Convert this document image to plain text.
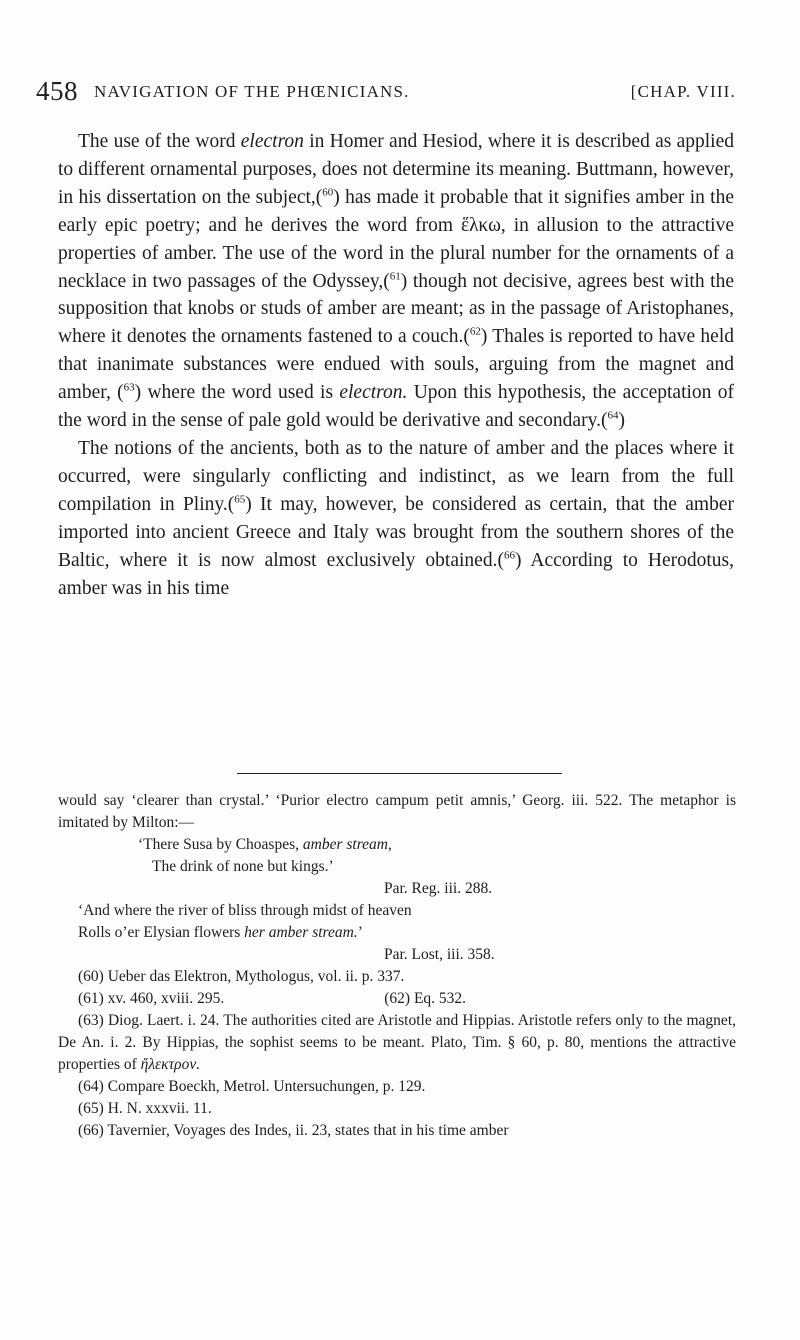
458 NAVIGATION OF THE PHŒNICIANS.	[CHAP. VIII.

The use of the word electron in Homer and Hesiod, where it is described as applied to different ornamental purposes, does not determine its meaning. Buttmann, however, in his dissertation on the subject,($^{60}$) has made it probable that it signifies amber in the early epic poetry; and he derives the word from ἕλκω, in allusion to the attractive properties of amber. The use of the word in the plural number for the ornaments of a necklace in two passages of the Odyssey,($^{61}$) though not decisive, agrees best with the supposition that knobs or studs of amber are meant; as in the passage of Aristophanes, where it denotes the ornaments fastened to a couch.($^{62}$) Thales is reported to have held that inanimate substances were endued with souls, arguing from the magnet and amber, ($^{63}$) where the word used is electron. Upon this hypothesis, the acceptation of the word in the sense of pale gold would be derivative and secondary.($^{64}$)

The notions of the ancients, both as to the nature of amber and the places where it occurred, were singularly conflicting and indistinct, as we learn from the full compilation in Pliny.($^{65}$) It may, however, be considered as certain, that the amber imported into ancient Greece and Italy was brought from the southern shores of the Baltic, where it is now almost exclusively obtained.($^{66}$) According to Herodotus, amber was in his time

would say ‘clearer than crystal.’ ‘Purior electro campum petit amnis,’ Georg. iii. 522. The metaphor is imitated by Milton:—

‘There Susa by Choaspes, amber stream,

The drink of none but kings.’

Par. Reg. iii. 288.

‘And where the river of bliss through midst of heaven

Rolls o’er Elysian flowers her amber stream.’

Par. Lost, iii. 358.

(60) Ueber das Elektron, Mythologus, vol. ii. p. 337.

(61) xv. 460, xviii. 295.	(62) Eq. 532.

(63) Diog. Laert. i. 24. The authorities cited are Aristotle and Hippias. Aristotle refers only to the magnet, De An. i. 2. By Hippias, the sophist seems to be meant. Plato, Tim. § 60, p. 80, mentions the attractive properties of ἤλεκτρον.

(64) Compare Boeckh, Metrol. Untersuchungen, p. 129.

(65) H. N. xxxvii. 11.

(66) Tavernier, Voyages des Indes, ii. 23, states that in his time amber
